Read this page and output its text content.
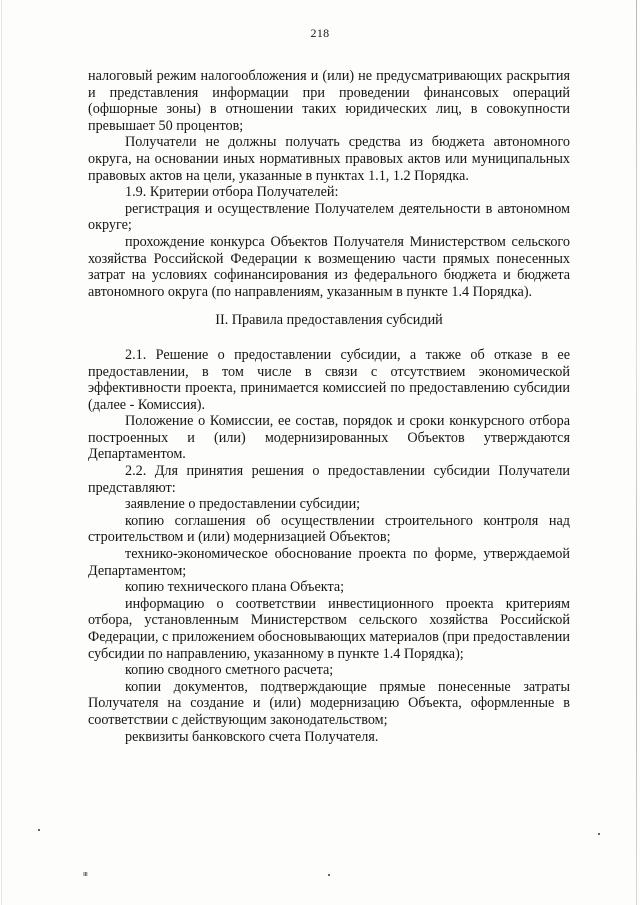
218

налоговый режим налогообложения и (или) не предусматривающих раскрытия и представления информации при проведении финансовых операций (офшорные зоны) в отношении таких юридических лиц, в совокупности превышает 50 процентов;

Получатели не должны получать средства из бюджета автономного округа, на основании иных нормативных правовых актов или муниципальных правовых актов на цели, указанные в пунктах 1.1, 1.2 Порядка.

1.9. Критерии отбора Получателей:

регистрация и осуществление Получателем деятельности в автономном округе;

прохождение конкурса Объектов Получателя Министерством сельского хозяйства Российской Федерации к возмещению части прямых понесенных затрат на условиях софинансирования из федерального бюджета и бюджета автономного округа (по направлениям, указанным в пункте 1.4 Порядка).

II. Правила предоставления субсидий

2.1. Решение о предоставлении субсидии, а также об отказе в ее предоставлении, в том числе в связи с отсутствием экономической эффективности проекта, принимается комиссией по предоставлению субсидии (далее - Комиссия).

Положение о Комиссии, ее состав, порядок и сроки конкурсного отбора построенных и (или) модернизированных Объектов утверждаются Департаментом.

2.2. Для принятия решения о предоставлении субсидии Получатели представляют:

заявление о предоставлении субсидии;

копию соглашения об осуществлении строительного контроля над строительством и (или) модернизацией Объектов;

технико-экономическое обоснование проекта по форме, утверждаемой Департаментом;

копию технического плана Объекта;

информацию о соответствии инвестиционного проекта критериям отбора, установленным Министерством сельского хозяйства Российской Федерации, с приложением обосновывающих материалов (при предоставлении субсидии по направлению, указанному в пункте 1.4 Порядка);

копию сводного сметного расчета;

копии документов, подтверждающие прямые понесенные затраты Получателя на создание и (или) модернизацию Объекта, оформленные в соответствии с действующим законодательством;

реквизиты банковского счета Получателя.

ııı
